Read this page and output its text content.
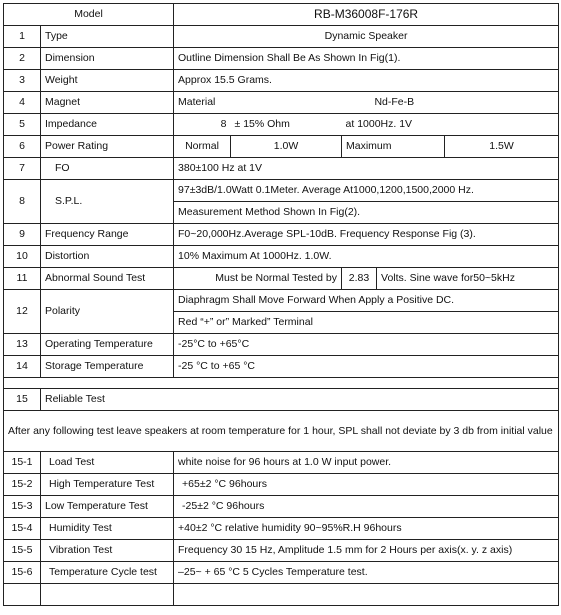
Model		RB-M36008F-176R				
1	Type	Dynamic Speaker				
2	Dimension	Outline Dimension Shall Be As Shown In Fig(1).				
3	Weight	Approx 15.5 Grams.				
4	Magnet	Material	Nd-Fe-B			
5	Impedance	8	± 15% Ohm	at 1000Hz. 1V		
6	Power Rating	Normal	1.0W	Maximum		1.5W
7	FO	380±100 Hz at 1V				
8	S.P.L.	97±3dB/1.0Watt 0.1Meter. Average At1000,1200,1500,2000 Hz.
Measurement Method Shown In Fig(2).				

9	Frequency Range	F0~20,000Hz.Average SPL-10dB. Frequency Response Fig (3).				
10	Distortion	10% Maximum At 1000Hz. 1.0W.				
11	Abnormal Sound Test	Must be Normal Tested by		2.83	Volts. Sine wave for50~5kHz	
12	Polarity	Diaphragm Shall Move Forward When Apply a Positive DC.
Red “+” or” Marked” Terminal				

13	Operating Temperature	-25°C to +65°C				
14	Storage Temperature	-25 °C to +65 °C				

15	Reliable Test					
After any following test leave speakers at room temperature for 1 hour, SPL shall not deviate by 3 db from initial value						
15-1	Load Test	white noise for 96 hours at 1.0 W input power.				
15-2	High Temperature Test	+65±2 °C 96hours				
15-3	Low Temperature Test	-25±2 °C 96hours				
15-4	Humidity Test	+40±2 °C relative humidity 90~95%R.H 96hours				
15-5	Vibration Test	Frequency 30 15 Hz, Amplitude 1.5 mm for 2 Hours per axis(x. y. z axis)				
15-6	Temperature Cycle test	–25~ + 65 °C 5 Cycles Temperature test.				
